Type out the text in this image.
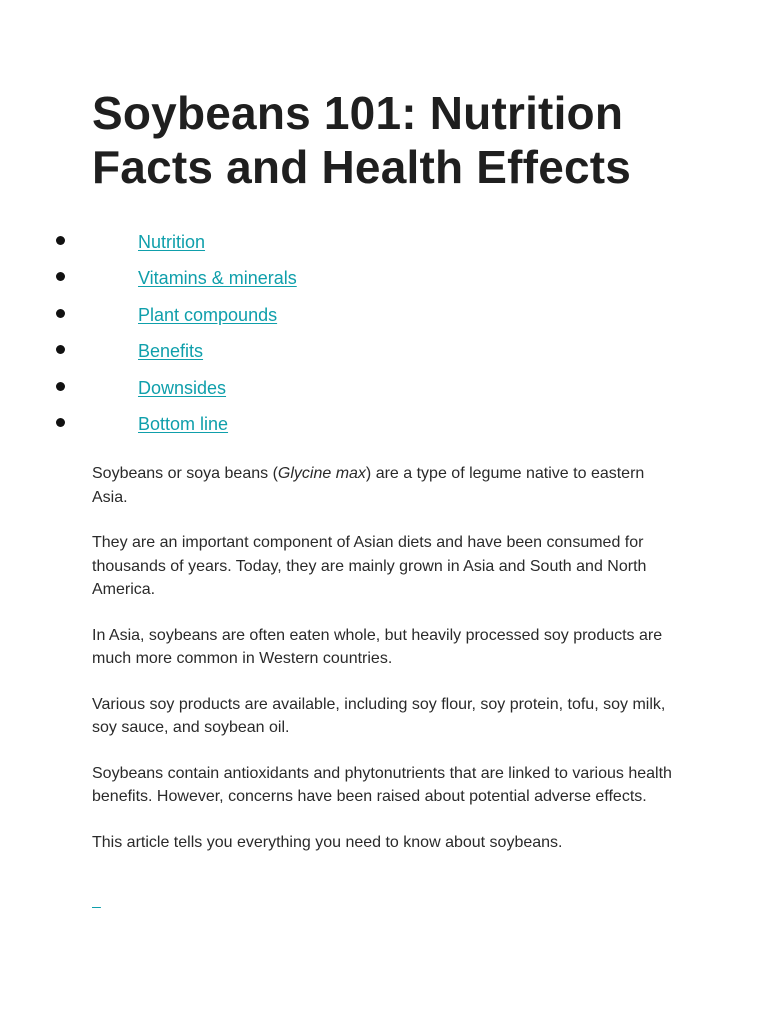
Soybeans 101: Nutrition Facts and Health Effects
Nutrition
Vitamins & minerals
Plant compounds
Benefits
Downsides
Bottom line

Soybeans or soya beans (Glycine max) are a type of legume native to eastern Asia.

They are an important component of Asian diets and have been consumed for thousands of years. Today, they are mainly grown in Asia and South and North America.

In Asia, soybeans are often eaten whole, but heavily processed soy products are much more common in Western countries.

Various soy products are available, including soy flour, soy protein, tofu, soy milk, soy sauce, and soybean oil.

Soybeans contain antioxidants and phytonutrients that are linked to various health benefits. However, concerns have been raised about potential adverse effects.

This article tells you everything you need to know about soybeans.
